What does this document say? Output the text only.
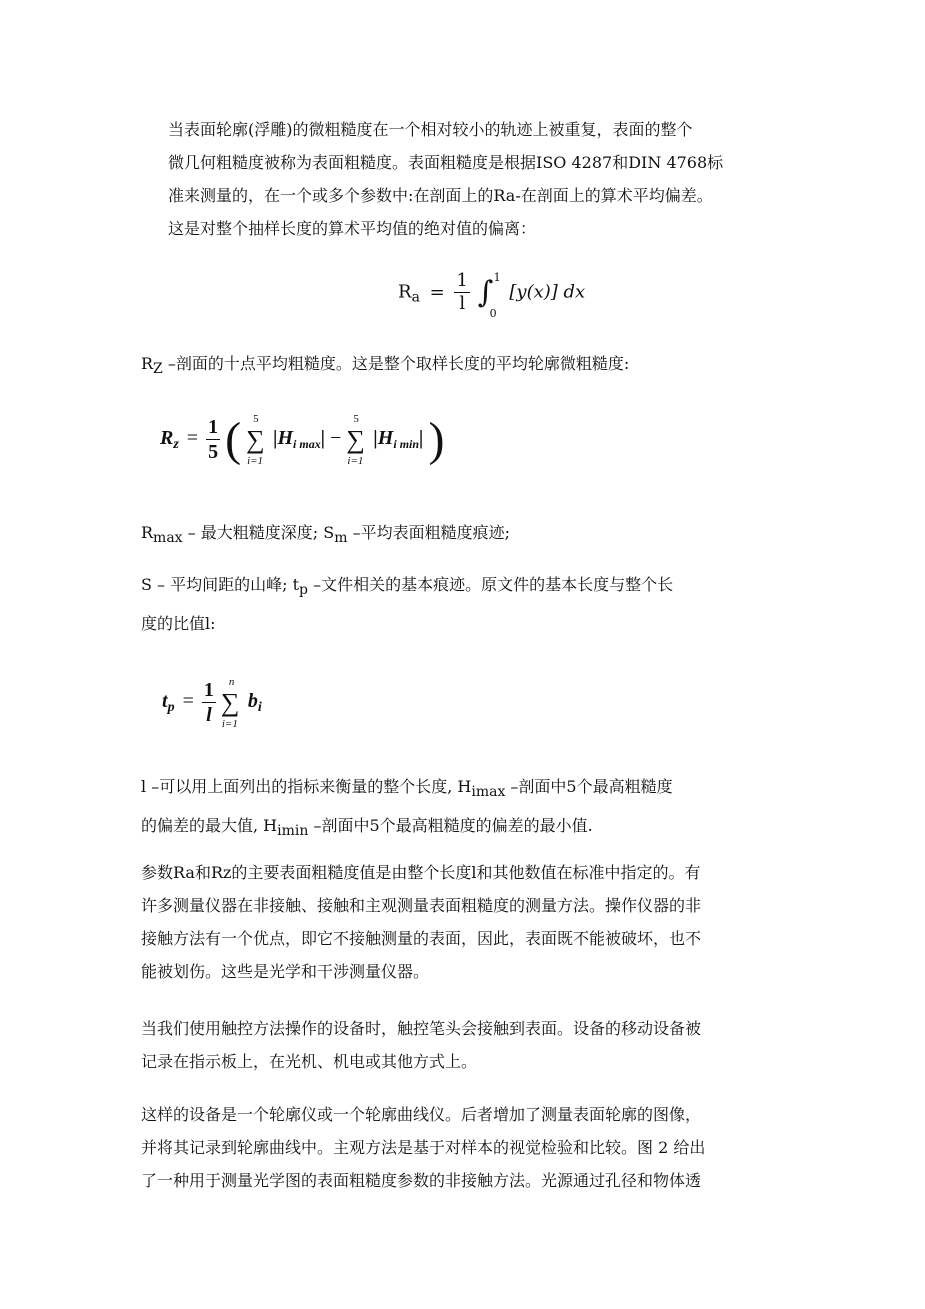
当表面轮廓(浮雕)的微粗糙度在一个相对较小的轨迹上被重复，表面的整个
微几何粗糙度被称为表面粗糙度。表面粗糙度是根据ISO 4287和DIN 4768标
准来测量的，在一个或多个参数中:在剖面上的Ra-在剖面上的算术平均偏差。
这是对整个抽样长度的算术平均值的绝对值的偏离：
$R_a = \frac{1}{l}$ ∫ 1
0
[y(x)] dx
$R_Z$ –剖面的十点平均粗糙度。这是整个取样长度的平均轮廓微粗糙度:
$R_z = \frac{1}{5}$ ( ∑
5
i=1
$|H_{i max}|$ − ∑
5
i=1
$|H_{i min}|$ )
$R_{max}$ – 最大粗糙度深度; $S_m$ –平均表面粗糙度痕迹;
S – 平均间距的山峰; $t_p$ –文件相关的基本痕迹。原文件的基本长度与整个长
度的比值l:
$t_p = \frac{1}{l}$ ∑
n
i=1
$b_i$
l –可以用上面列出的指标来衡量的整个长度, $H_{imax}$ –剖面中5个最高粗糙度
的偏差的最大值, $H_{imin}$ –剖面中5个最高粗糙度的偏差的最小值.
参数Ra和Rz的主要表面粗糙度值是由整个长度l和其他数值在标准中指定的。有
许多测量仪器在非接触、接触和主观测量表面粗糙度的测量方法。操作仪器的非
接触方法有一个优点，即它不接触测量的表面，因此，表面既不能被破坏，也不
能被划伤。这些是光学和干涉测量仪器。
当我们使用触控方法操作的设备时，触控笔头会接触到表面。设备的移动设备被
记录在指示板上，在光机、机电或其他方式上。
这样的设备是一个轮廓仪或一个轮廓曲线仪。后者增加了测量表面轮廓的图像，
并将其记录到轮廓曲线中。主观方法是基于对样本的视觉检验和比较。图 2 给出
了一种用于测量光学图的表面粗糙度参数的非接触方法。光源通过孔径和物体透
